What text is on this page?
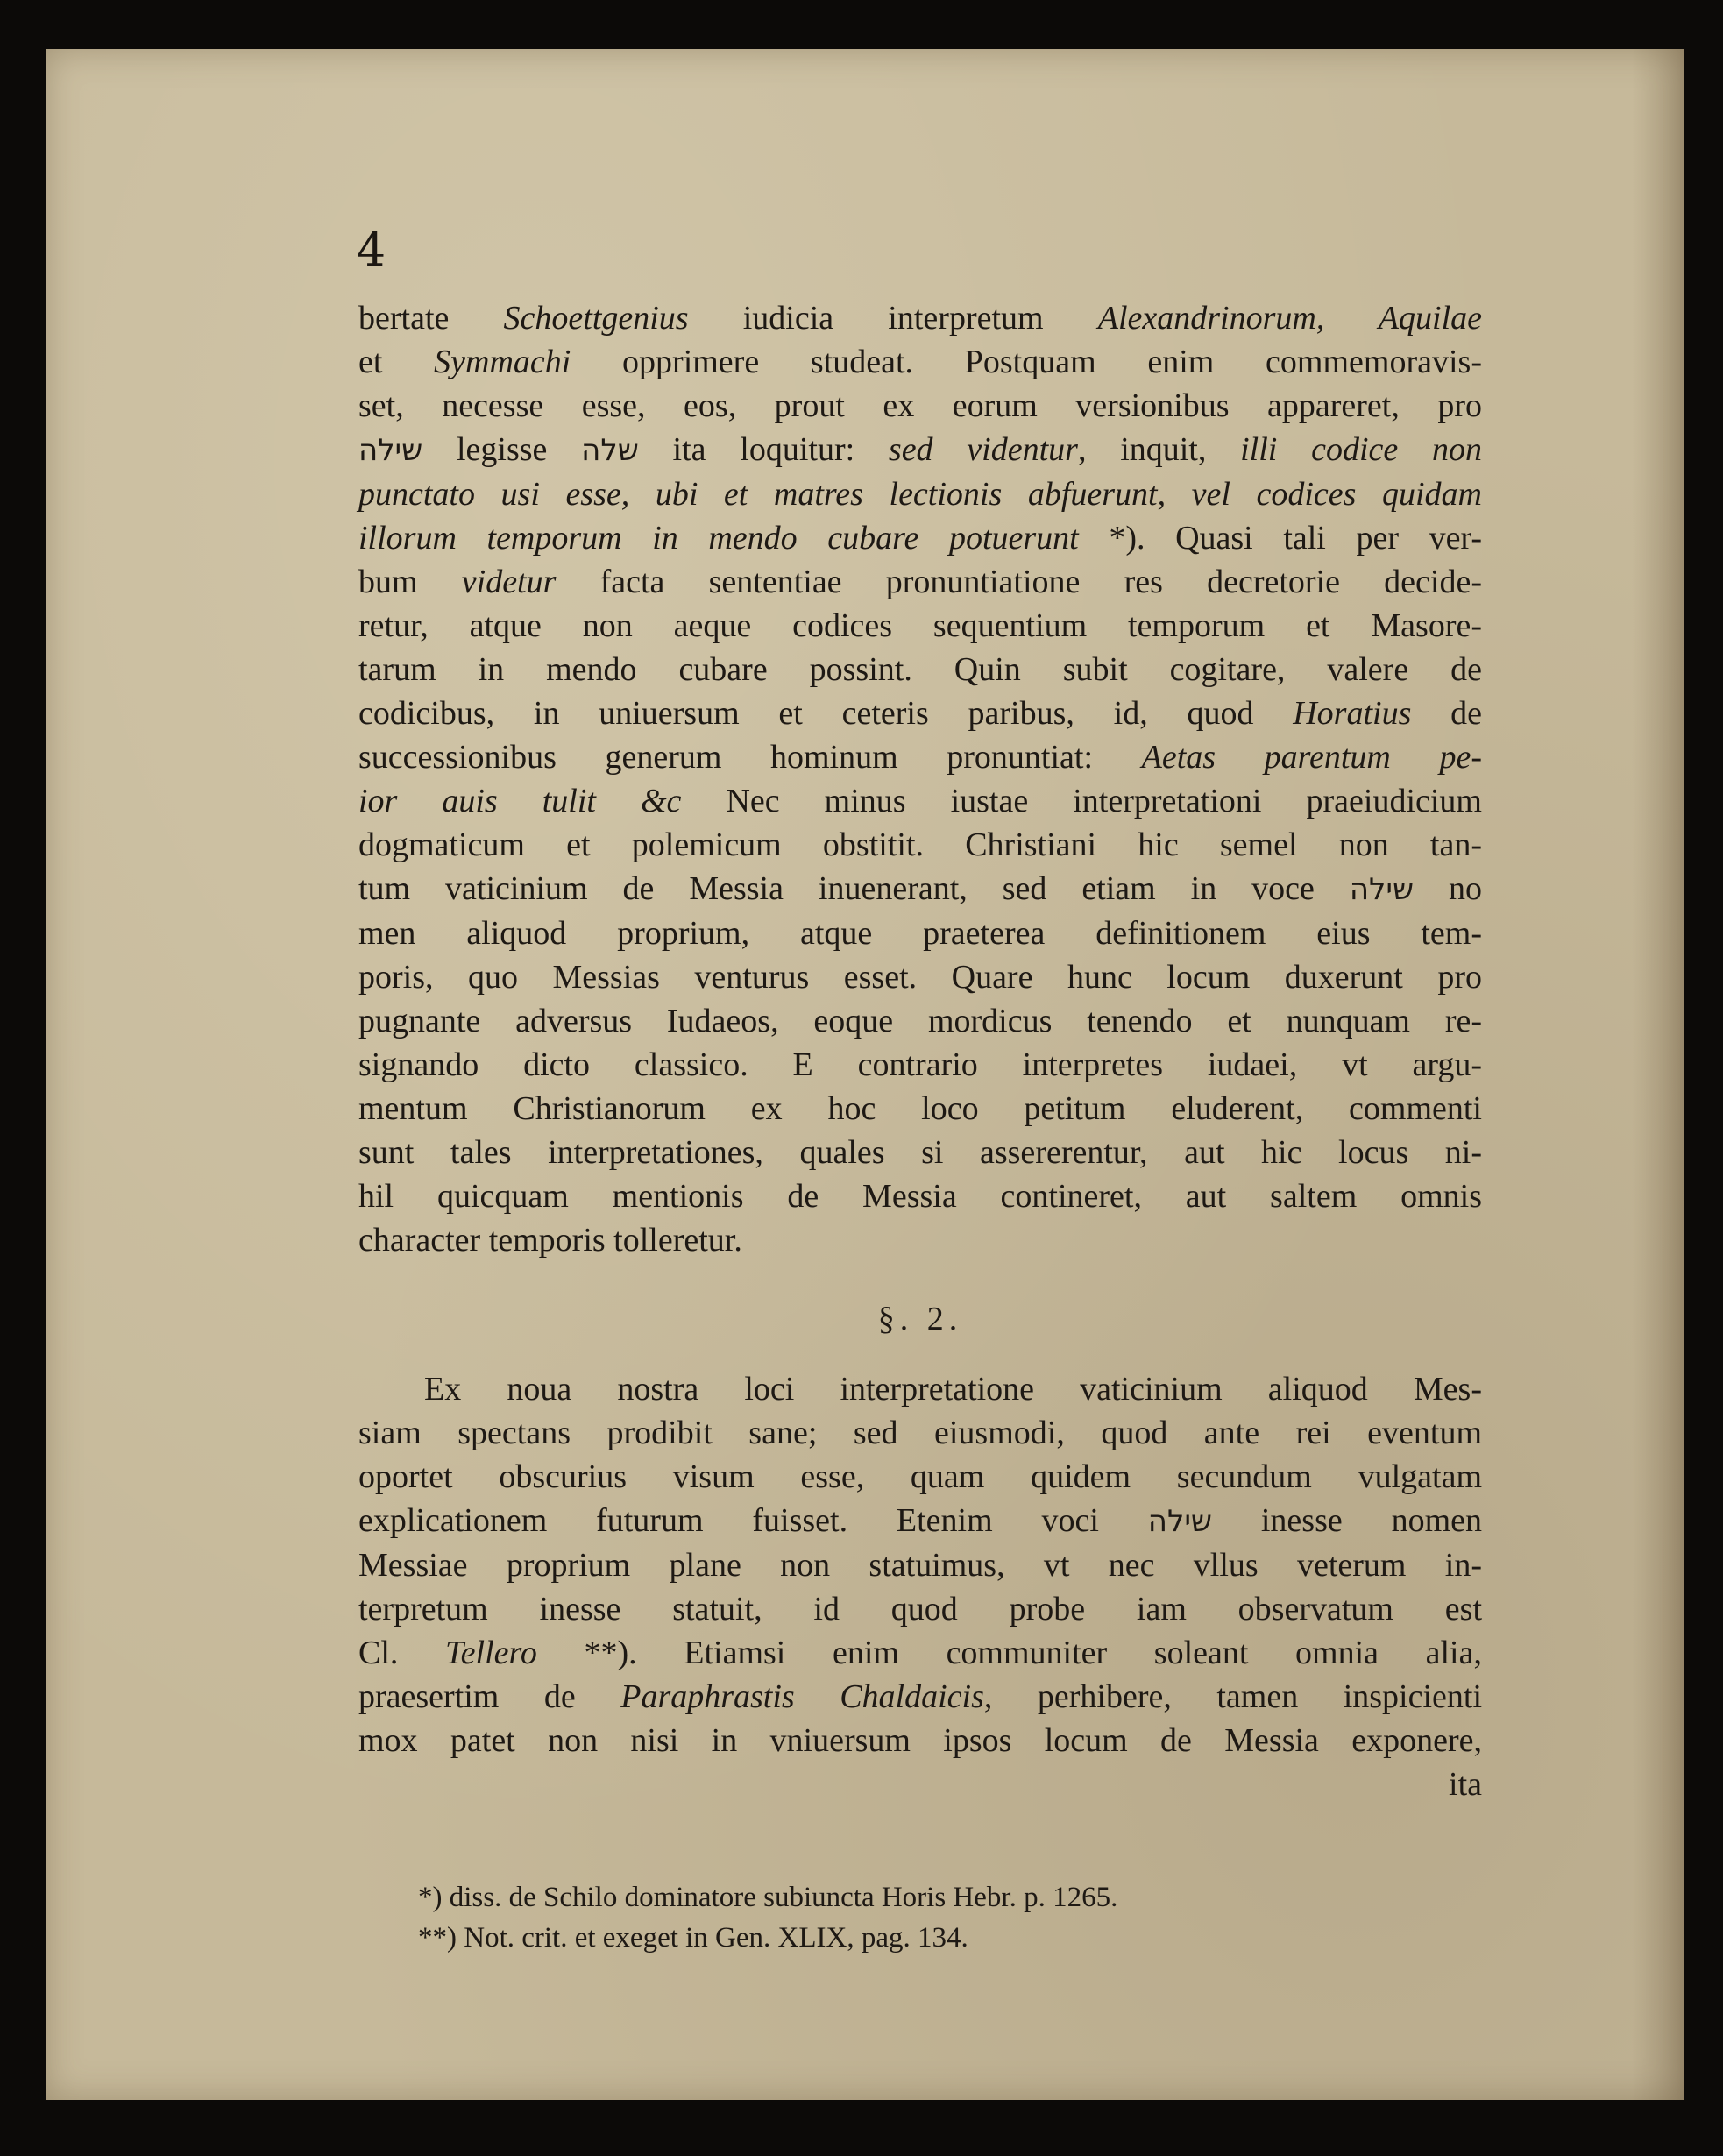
4
bertate Schoettgenius iudicia interpretum Alexandrinorum, Aquilae
et Symmachi opprimere studeat. Postquam enim commemoravis-
set, necesse esse, eos, prout ex eorum versionibus appareret, pro
שילה legisse שלה ita loquitur: sed videntur, inquit, illi codice non
punctato usi esse, ubi et matres lectionis abfuerunt, vel codices quidam
illorum temporum in mendo cubare potuerunt *). Quasi tali per ver-
bum videtur facta sententiae pronuntiatione res decretorie decide-
retur, atque non aeque codices sequentium temporum et Masore-
tarum in mendo cubare possint. Quin subit cogitare, valere de
codicibus, in uniuersum et ceteris paribus, id, quod Horatius de
successionibus generum hominum pronuntiat: Aetas parentum pe-
ior auis tulit &c Nec minus iustae interpretationi praeiudicium
dogmaticum et polemicum obstitit. Christiani hic semel non tan-
tum vaticinium de Messia inuenerant, sed etiam in voce שילה no
men aliquod proprium, atque praeterea definitionem eius tem-
poris, quo Messias venturus esset. Quare hunc locum duxerunt pro
pugnante adversus Iudaeos, eoque mordicus tenendo et nunquam re-
signando dicto classico. E contrario interpretes iudaei, vt argu-
mentum Christianorum ex hoc loco petitum eluderent, commenti
sunt tales interpretationes, quales si assererentur, aut hic locus ni-
hil quicquam mentionis de Messia contineret, aut saltem omnis
character temporis tolleretur.
§. 2.
Ex noua nostra loci interpretatione vaticinium aliquod Mes-
siam spectans prodibit sane; sed eiusmodi, quod ante rei eventum
oportet obscurius visum esse, quam quidem secundum vulgatam
explicationem futurum fuisset. Etenim voci שילה inesse nomen
Messiae proprium plane non statuimus, vt nec vllus veterum in-
terpretum inesse statuit, id quod probe iam observatum est
Cl. Tellero **). Etiamsi enim communiter soleant omnia alia,
praesertim de Paraphrastis Chaldaicis, perhibere, tamen inspicienti
mox patet non nisi in vniuersum ipsos locum de Messia exponere,
ita
*) diss. de Schilo dominatore subiuncta Horis Hebr. p. 1265.
**) Not. crit. et exeget in Gen. XLIX, pag. 134.
